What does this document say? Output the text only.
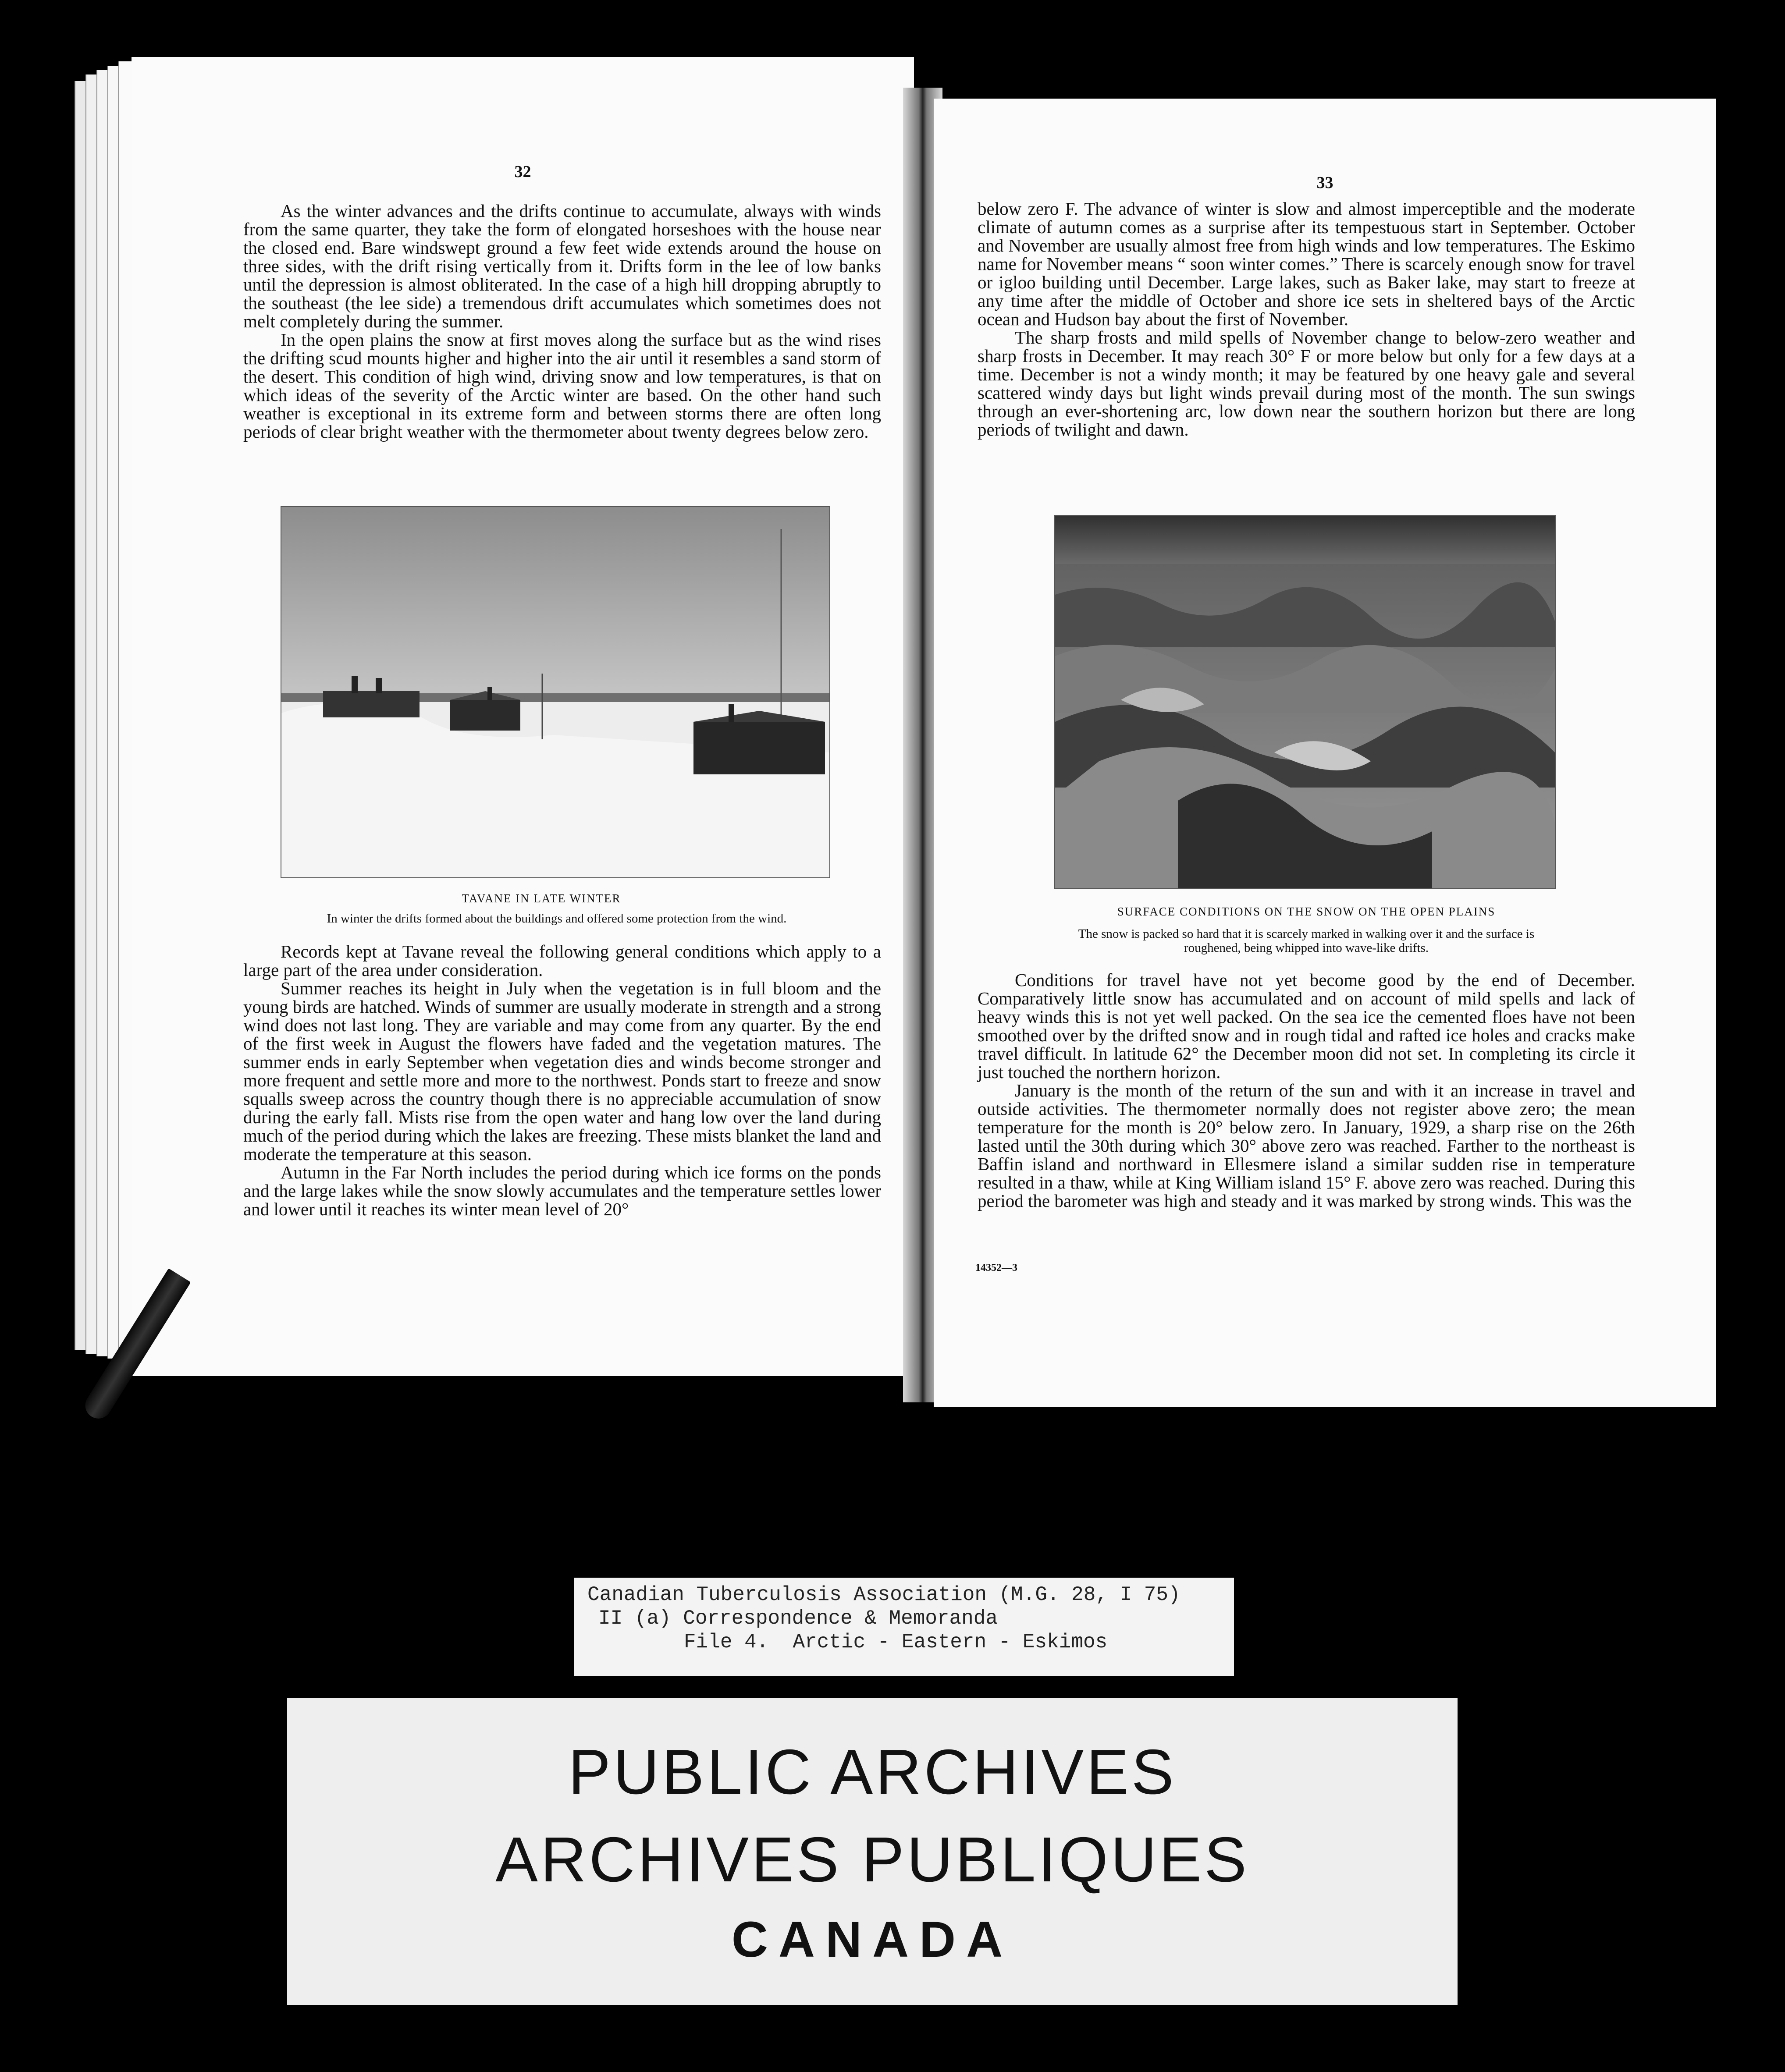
32

As the winter advances and the drifts continue to accumulate, always with winds from the same quarter, they take the form of elongated horseshoes with the house near the closed end. Bare windswept ground a few feet wide extends around the house on three sides, with the drift rising vertically from it. Drifts form in the lee of low banks until the depression is almost obliterated. In the case of a high hill dropping abruptly to the southeast (the lee side) a tremendous drift accumulates which sometimes does not melt completely during the summer.

In the open plains the snow at first moves along the surface but as the wind rises the drifting scud mounts higher and higher into the air until it resembles a sand storm of the desert. This condition of high wind, driving snow and low temperatures, is that on which ideas of the severity of the Arctic winter are based. On the other hand such weather is exceptional in its extreme form and between storms there are often long periods of clear bright weather with the thermometer about twenty degrees below zero.

TAVANE IN LATE WINTER
In winter the drifts formed about the buildings and offered some protection from the wind.

Records kept at Tavane reveal the following general conditions which apply to a large part of the area under consideration.

Summer reaches its height in July when the vegetation is in full bloom and the young birds are hatched. Winds of summer are usually moderate in strength and a strong wind does not last long. They are variable and may come from any quarter. By the end of the first week in August the flowers have faded and the vegetation matures. The summer ends in early September when vegetation dies and winds become stronger and more frequent and settle more and more to the northwest. Ponds start to freeze and snow squalls sweep across the country though there is no appreciable accumulation of snow during the early fall. Mists rise from the open water and hang low over the land during much of the period during which the lakes are freezing. These mists blanket the land and moderate the temperature at this season.

Autumn in the Far North includes the period during which ice forms on the ponds and the large lakes while the snow slowly accumulates and the temperature settles lower and lower until it reaches its winter mean level of 20°

33

below zero F. The advance of winter is slow and almost imperceptible and the moderate climate of autumn comes as a surprise after its tempestuous start in September. October and November are usually almost free from high winds and low temperatures. The Eskimo name for November means “ soon winter comes.” There is scarcely enough snow for travel or igloo building until December. Large lakes, such as Baker lake, may start to freeze at any time after the middle of October and shore ice sets in sheltered bays of the Arctic ocean and Hudson bay about the first of November.

The sharp frosts and mild spells of November change to below-zero weather and sharp frosts in December. It may reach 30° F or more below but only for a few days at a time. December is not a windy month; it may be featured by one heavy gale and several scattered windy days but light winds prevail during most of the month. The sun swings through an ever-shortening arc, low down near the southern horizon but there are long periods of twilight and dawn.

SURFACE CONDITIONS ON THE SNOW ON THE OPEN PLAINS
The snow is packed so hard that it is scarcely marked in walking over it and the surface is roughened, being whipped into wave-like drifts.

Conditions for travel have not yet become good by the end of December. Comparatively little snow has accumulated and on account of mild spells and lack of heavy winds this is not yet well packed. On the sea ice the cemented floes have not been smoothed over by the drifted snow and in rough tidal and rafted ice holes and cracks make travel difficult. In latitude 62° the December moon did not set. In completing its circle it just touched the northern horizon.

January is the month of the return of the sun and with it an increase in travel and outside activities. The thermometer normally does not register above zero; the mean temperature for the month is 20° below zero. In January, 1929, a sharp rise on the 26th lasted until the 30th during which 30° above zero was reached. Farther to the northeast is Baffin island and northward in Ellesmere island a similar sudden rise in temperature resulted in a thaw, while at King William island 15° F. above zero was reached. During this period the barometer was high and steady and it was marked by strong winds. This was the

14352—3
Canadian Tuberculosis Association (M.G. 28, I 75)
II (a) Correspondence & Memoranda
File 4.  Arctic - Eastern - Eskimos
PUBLIC ARCHIVES
ARCHIVES PUBLIQUES
CANADA
